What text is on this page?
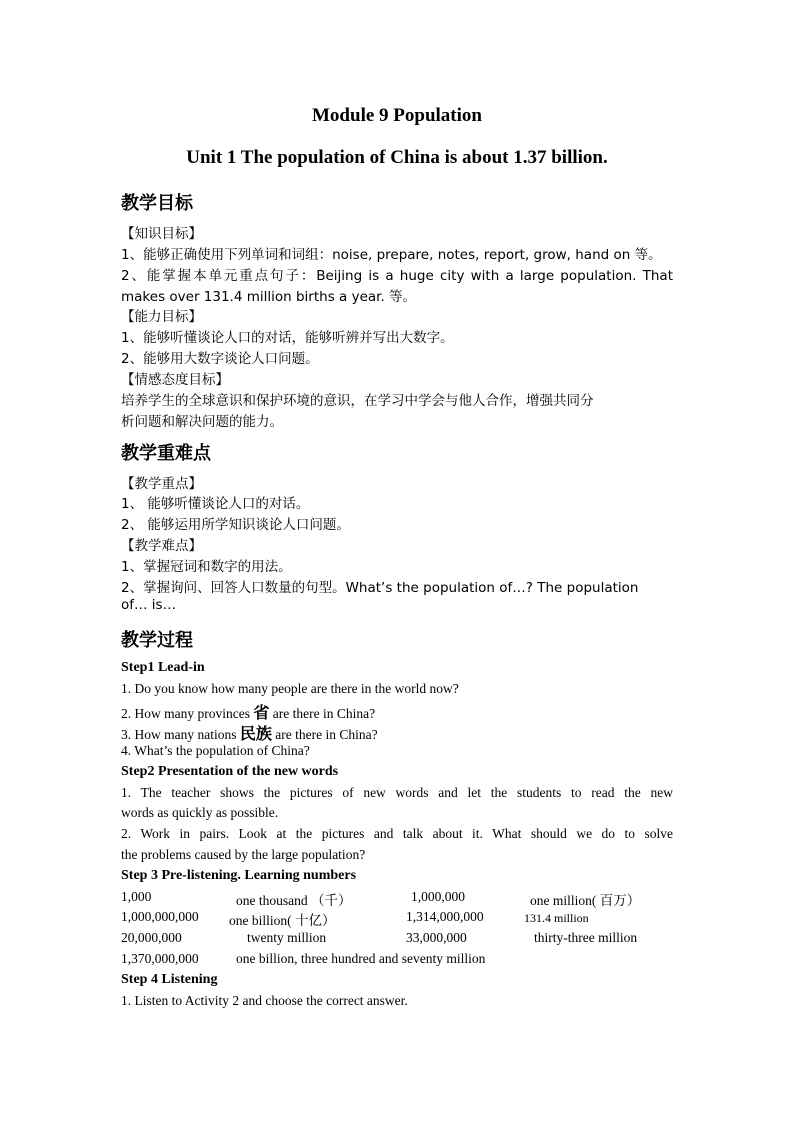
Module 9 Population
Unit 1 The population of China is about 1.37 billion.
教学目标
【知识目标】
1、能够正确使用下列单词和词组：noise, prepare, notes, report, grow, hand on 等。
2、能掌握本单元重点句子：Beijing is a huge city with a large population. That
makes over 131.4 million births a year. 等。
【能力目标】
1、能够听懂谈论人口的对话，能够听辨并写出大数字。
2、能够用大数字谈论人口问题。
【情感态度目标】
培养学生的全球意识和保护环境的意识，在学习中学会与他人合作，增强共同分
析问题和解决问题的能力。
教学重难点
【教学重点】
1、 能够听懂谈论人口的对话。
2、 能够运用所学知识谈论人口问题。
【教学难点】
1、掌握冠词和数字的用法。
2、掌握询问、回答人口数量的句型。What’s the population of…? The population
of… is…
教学过程
Step1 Lead-in
1. Do you know how many people are there in the world now?
2. How many provinces 省 are there in China?
3. How many nations 民族 are there in China?
4. What’s the population of China?
Step2 Presentation of the new words
1. The teacher shows the pictures of new words and let the students to read the new
words as quickly as possible.
2. Work in pairs. Look at the pictures and talk about it. What should we do to solve
the problems caused by the large population?
Step 3 Pre-listening. Learning numbers
1,000	one thousand （千）	1,000,000	one million( 百万）
1,000,000,000 one billion( 十亿）	1,314,000,000	131.4 million
20,000,000	twenty million	33,000,000	thirty-three million
1,370,000,000	one billion, three hundred and seventy million
Step 4 Listening
1. Listen to Activity 2 and choose the correct answer.
